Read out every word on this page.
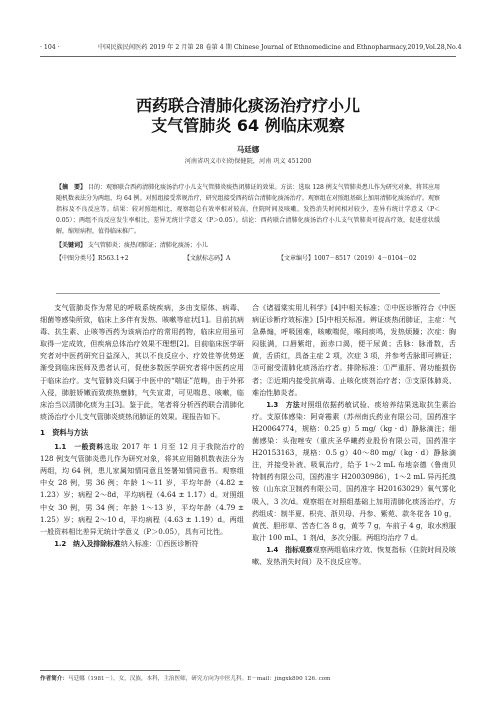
· 104 ·	中国民族民间医药 2019 年 2 月第 28 卷第 4 期 Chinese Journal of Ethnomedicine and Ethnopharmacy,2019,Vol.28,No.4
西药联合清肺化痰汤治疗疗小儿
支气管肺炎 64 例临床观察
马廷娜
河南省巩义市妇幼保健院，河南 巩义 451200
【摘　要】 目的：观察联合西药清肺化痰汤治疗小儿支气管肺炎痰热闭肺证的效果。方法：选取 128 例支气管肺炎患儿作为研究对象，将其应用随机数表法分为两组，均 64 例。对照组接受常规治疗，研究组接受西药结合清肺化痰汤治疗。观察组在对照组基础上加用清肺化痰汤治疗。观察指标及不良反应等。结果：较对照组相比，观察组总有效率相对较高，住院时间及咳嗽、发热消失时间相对较少，差异有统计学意义（P＜0.05）；两组不良反应发生率相比，差异无统计学意义（P＞0.05）。结论：西药联合清肺化痰汤治疗小儿支气管肺炎可提高疗效，促进症状缓解，缩短病程，值得临床推广。
【关键词】 支气管肺炎；痰热闭肺证；清肺化痰汤；小儿
【中图分类号】R563.1+2	【文献标志码】A	【文章编号】1007－8517（2019）4－0104－02

支气管肺炎作为常见的呼吸系统疾病，多由支原体、病毒、细菌等感染所致，临床上多伴有发热、咳嗽等症状[1]。目前抗病毒、抗生素、止咳等西药为该病治疗的常用药物，临床应用虽可取得一定成效，但疾病总体治疗效果不理想[2]。目前临床医学研究者对中医药研究日益深入，其以不良反应小、疗效佳等优势逐渐受到临床医师及患者认可，促使多数医学研究者将中医药应用于临床治疗。支气管肺炎归属于中医中的“喘证”范畴，由于外邪入侵，肺脏娇嫩而致痰热壅肺，气失宣肃，可见喘息、咳嗽，临床治当以清肺化痰为主[3]。鉴于此，笔者将分析西药联合清肺化痰汤治疗小儿支气管肺炎痰热闭肺证的效果。现报告如下。

1　资料与方法

1.1　一般资料选取 2017 年 1 月至 12 月于我院治疗的 128 例支气管肺炎患儿作为研究对象，将其应用随机数表法分为两组，均 64 例，患儿家属知情同意且签署知情同意书。观察组中女 28 例，男 36 例；年龄 1～11 岁，平均年龄（4.82 ± 1.23）岁；病程 2～8d，平均病程（4.64 ± 1.17）d。对照组中女 30 例，男 34 例；年龄 1～13 岁，平均年龄（4.79 ± 1.25）岁；病程 2～10 d，平均病程（4.63 ± 1.19）d。两组一般资料相比差异无统计学意义（P＞0.05），具有可比性。

1.2　纳入及排除标准纳入标准：①西医诊断符

合《诸福棠实用儿科学》[4]中相关标准；②中医诊断符合《中医病证诊断疗效标准》[5]中相关标准。辨证痰热闭肺证，主症：气急鼻煽，呼吸困难，咳嗽喘促，喉间痰鸣，发热烦躁；次症：胸闷胀满，口唇紫绀，面赤口渴，便干尿黄；舌脉：脉滑数，舌黄，舌质红，具备主症 2 项，次症 3 项，并参考舌脉即可辨证；③可耐受清肺化痰汤治疗者。排除标准：①严重肝、肾功能损伤者；②近期内接受抗病毒、止咳化痰剂治疗者；③支原体肺炎、难治性肺炎者。

1.3　方法对照组依据药敏试验、痰培养结果选取抗生素治疗。支原体感染：阿奇霉素（苏州南氏药业有限公司，国药准字 H20064774，规格：0.25 g）5 mg/（kg · d）静脉滴注；细菌感染：头孢唑安（重庆圣华曦药业股份有限公司，国药准字 H20153163，规格：0.5 g）40～80 mg/（kg · d）静脉滴注，并接受补液、吸氧治疗，给予 1～2 mL 布地奈德（鲁南贝特制药有限公司，国药准字 H20030986），1～2 mL 异丙托溴铵（山东京卫制药有限公司，国药准字 H20163029）氧气雾化吸入，3 次/d。观察组在对照组基础上加用清肺化痰汤治疗，方药组成：制半夏、枳壳、浙贝母、丹参、紫苑、款冬花各 10 g，黄芪、胆形草、苦杏仁各 8 g，黄芩 7 g，车前子 4 g，取水煎服取汁 100 mL，1 剂/d，多次分服。两组均治疗 7 d。

1.4　指标观察观察两组临床疗效、恢复指标（住院时间及咳嗽、发热消失时间）及不良反应等。

作者简介：马廷娜（1981－），女，汉族，本科，主治医师，研究方向为中医儿科。E－mail：jingxk890 126. com
